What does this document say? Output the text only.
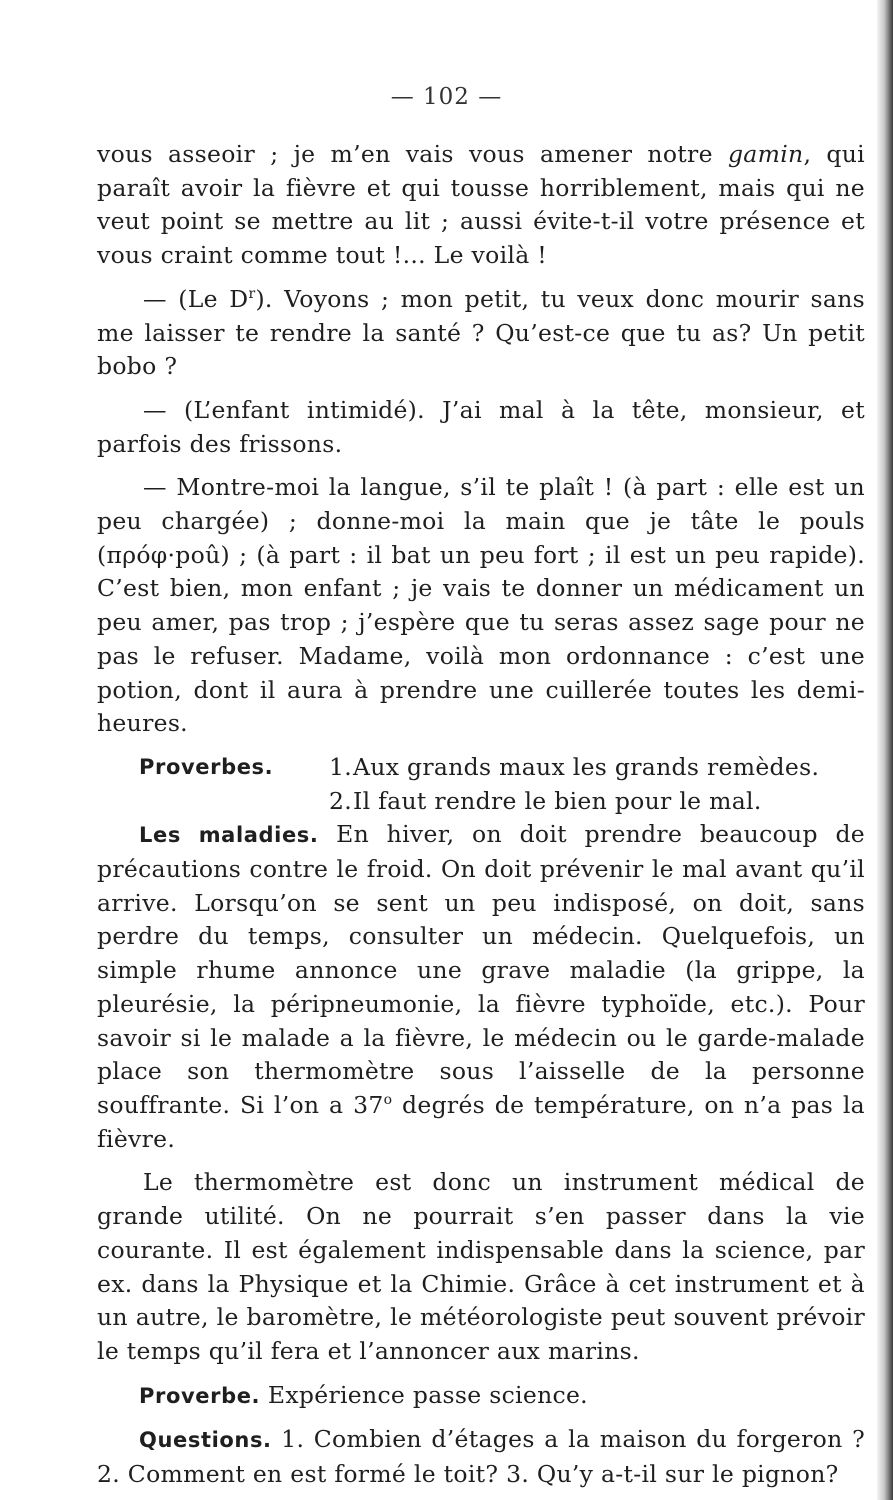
— 102 —

vous asseoir ; je m’en vais vous amener notre gamin, qui paraît avoir la fièvre et qui tousse horriblement, mais qui ne veut point se mettre au lit ; aussi évite-t-il votre présence et vous craint comme tout !... Le voilà !

— (Le $D^r$). Voyons ; mon petit, tu veux donc mourir sans me laisser te rendre la santé ? Qu’est-ce que tu as? Un petit bobo ?

— (L’enfant intimidé). J’ai mal à la tête, monsieur, et parfois des frissons.

— Montre-moi la langue, s’il te plaît ! (à part : elle est un peu chargée) ; donne-moi la main que je tâte le pouls (πρόφ·poû) ; (à part : il bat un peu fort ; il est un peu rapide). C’est bien, mon enfant ; je vais te donner un médicament un peu amer, pas trop ; j’espère que tu seras assez sage pour ne pas le refuser. Madame, voilà mon ordonnance : c’est une potion, dont il aura à prendre une cuillerée toutes les demi-heures.

Proverbes.	1. Aux grands maux les grands remèdes.
2. Il faut rendre le bien pour le mal.

Les maladies. En hiver, on doit prendre beaucoup de précautions contre le froid. On doit prévenir le mal avant qu’il arrive. Lorsqu’on se sent un peu indisposé, on doit, sans perdre du temps, consulter un médecin. Quelquefois, un simple rhume annonce une grave maladie (la grippe, la pleurésie, la péripneumonie, la fièvre typhoïde, etc.). Pour savoir si le malade a la fièvre, le médecin ou le garde-malade place son thermomètre sous l’aisselle de la personne souffrante. Si l’on a 37$^o$ degrés de température, on n’a pas la fièvre.

Le thermomètre est donc un instrument médical de grande utilité. On ne pourrait s’en passer dans la vie courante. Il est également indispensable dans la science, par ex. dans la Physique et la Chimie. Grâce à cet instrument et à un autre, le baromètre, le météorologiste peut souvent prévoir le temps qu’il fera et l’annoncer aux marins.

Proverbe. Expérience passe science.

Questions. 1. Combien d’étages a la maison du forgeron ? 2. Comment en est formé le toit? 3. Qu’y a-t-il sur le pignon?
